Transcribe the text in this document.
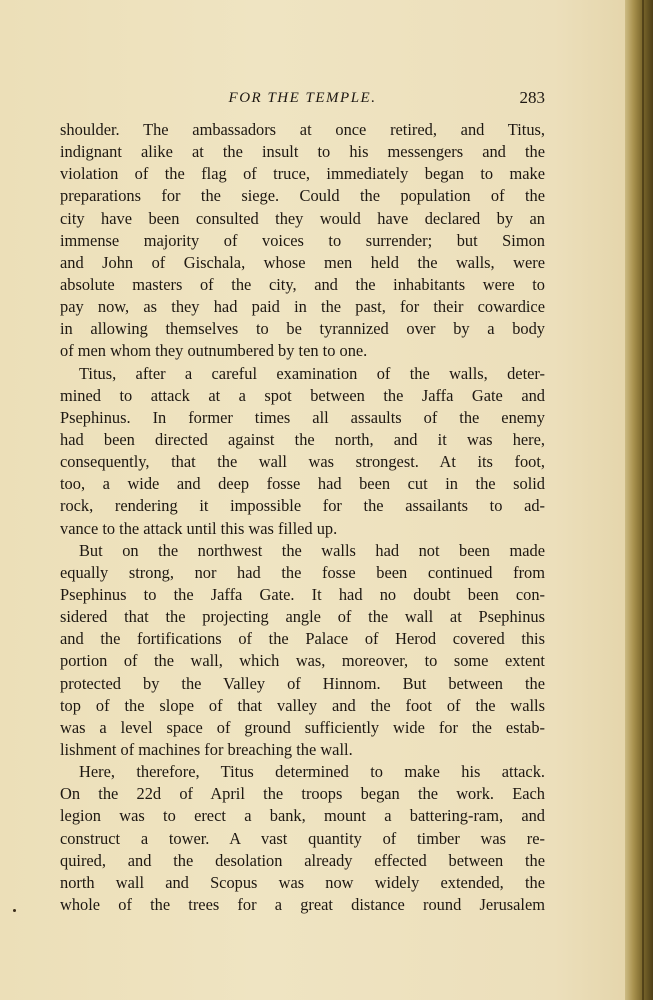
FOR THE TEMPLE.	283
shoulder. The ambassadors at once retired, and Titus,
indignant alike at the insult to his messengers and the
violation of the flag of truce, immediately began to make
preparations for the siege. Could the population of the
city have been consulted they would have declared by an
immense majority of voices to surrender; but Simon
and John of Gischala, whose men held the walls, were
absolute masters of the city, and the inhabitants were to
pay now, as they had paid in the past, for their cowardice
in allowing themselves to be tyrannized over by a body
of men whom they outnumbered by ten to one.
Titus, after a careful examination of the walls, deter-
mined to attack at a spot between the Jaffa Gate and
Psephinus. In former times all assaults of the enemy
had been directed against the north, and it was here,
consequently, that the wall was strongest. At its foot,
too, a wide and deep fosse had been cut in the solid
rock, rendering it impossible for the assailants to ad-
vance to the attack until this was filled up.
But on the northwest the walls had not been made
equally strong, nor had the fosse been continued from
Psephinus to the Jaffa Gate. It had no doubt been con-
sidered that the projecting angle of the wall at Psephinus
and the fortifications of the Palace of Herod covered this
portion of the wall, which was, moreover, to some extent
protected by the Valley of Hinnom. But between the
top of the slope of that valley and the foot of the walls
was a level space of ground sufficiently wide for the estab-
lishment of machines for breaching the wall.
Here, therefore, Titus determined to make his attack.
On the 22d of April the troops began the work. Each
legion was to erect a bank, mount a battering-ram, and
construct a tower. A vast quantity of timber was re-
quired, and the desolation already effected between the
north wall and Scopus was now widely extended, the
whole of the trees for a great distance round Jerusalem
